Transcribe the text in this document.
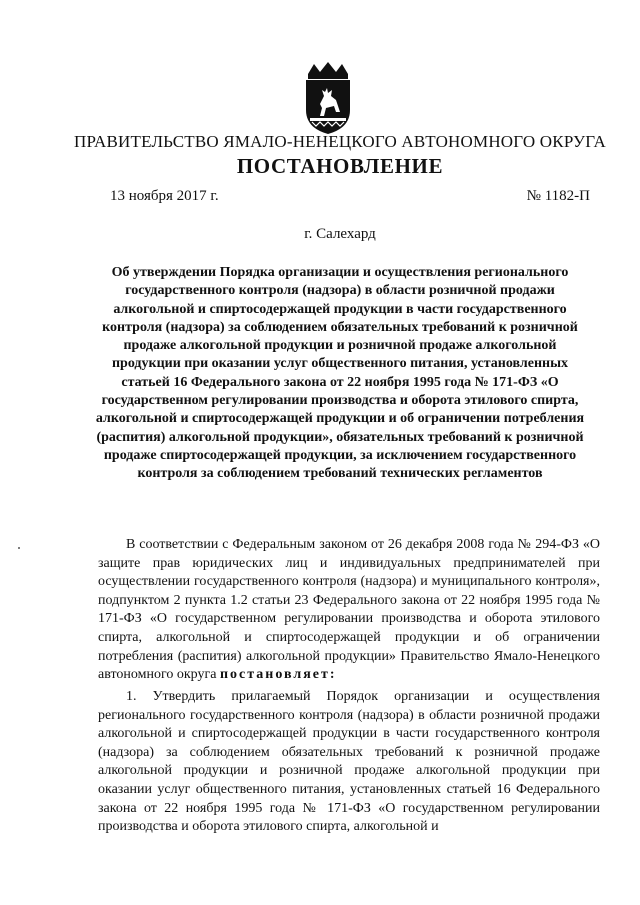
ПРАВИТЕЛЬСТВО ЯМАЛО-НЕНЕЦКОГО АВТОНОМНОГО ОКРУГА
ПОСТАНОВЛЕНИЕ
13 ноября 2017 г.	№ 1182-П
г. Салехард

Об утверждении Порядка организации и осуществления регионального государственного контроля (надзора) в области розничной продажи алкогольной и спиртосодержащей продукции в части государственного контроля (надзора) за соблюдением обязательных требований к розничной продаже алкогольной продукции и розничной продаже алкогольной продукции при оказании услуг общественного питания, установленных статьей 16 Федерального закона от 22 ноября 1995 года № 171-ФЗ «О государственном регулировании производства и оборота этилового спирта, алкогольной и спиртосодержащей продукции и об ограничении потребления (распития) алкогольной продукции», обязательных требований к розничной продаже спиртосодержащей продукции, за исключением государственного контроля за соблюдением требований технических регламентов

В соответствии с Федеральным законом от 26 декабря 2008 года № 294-ФЗ «О защите прав юридических лиц и индивидуальных предпринимателей при осуществлении государственного контроля (надзора) и муниципального контроля», подпунктом 2 пункта 1.2 статьи 23 Федерального закона от 22 ноября 1995 года № 171-ФЗ «О государственном регулировании производства и оборота этилового спирта, алкогольной и спиртосодержащей продукции и об ограничении потребления (распития) алкогольной продукции» Правительство Ямало-Ненецкого автономного округа постановляет:

1. Утвердить прилагаемый Порядок организации и осуществления регионального государственного контроля (надзора) в области розничной продажи алкогольной и спиртосодержащей продукции в части государственного контроля (надзора) за соблюдением обязательных требований к розничной продаже алкогольной продукции и розничной продаже алкогольной продукции при оказании услуг общественного питания, установленных статьей 16 Федерального закона от 22 ноября 1995 года № 171-ФЗ «О государственном регулировании производства и оборота этилового спирта, алкогольной и
